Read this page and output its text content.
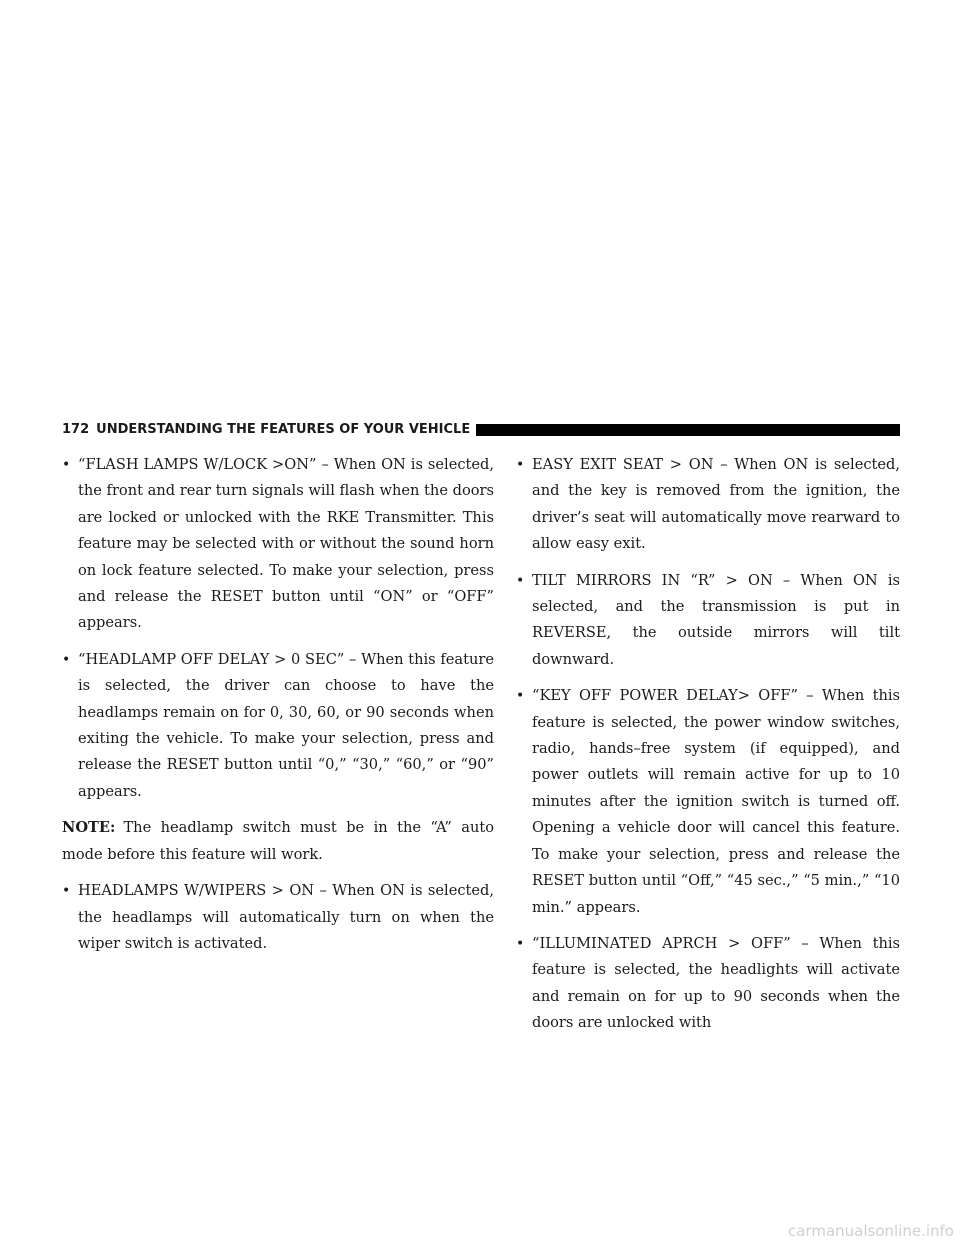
172 UNDERSTANDING THE FEATURES OF YOUR VEHICLE
• “FLASH LAMPS W/LOCK >ON” – When ON is selected, the front and rear turn signals will flash when the doors are locked or unlocked with the RKE Transmitter. This feature may be selected with or without the sound horn on lock feature selected. To make your selection, press and release the RESET button until “ON” or “OFF” appears.
• “HEADLAMP OFF DELAY > 0 SEC” – When this feature is selected, the driver can choose to have the headlamps remain on for 0, 30, 60, or 90 seconds when exiting the vehicle. To make your selection, press and release the RESET button until “0,” “30,” “60,” or “90” appears.
NOTE: The headlamp switch must be in the “A” auto mode before this feature will work.
• HEADLAMPS W/WIPERS > ON – When ON is selected, the headlamps will automatically turn on when the wiper switch is activated.
• EASY EXIT SEAT > ON – When ON is selected, and the key is removed from the ignition, the driver’s seat will automatically move rearward to allow easy exit.
• TILT MIRRORS IN “R” > ON – When ON is selected, and the transmission is put in REVERSE, the outside mirrors will tilt downward.
• “KEY OFF POWER DELAY> OFF” – When this feature is selected, the power window switches, radio, hands–free system (if equipped), and power outlets will remain active for up to 10 minutes after the ignition switch is turned off. Opening a vehicle door will cancel this feature. To make your selection, press and release the RESET button until “Off,” “45 sec.,” “5 min.,” “10 min.” appears.
• “ILLUMINATED APRCH > OFF” – When this feature is selected, the headlights will activate and remain on for up to 90 seconds when the doors are unlocked with
carmanualsonline.info
